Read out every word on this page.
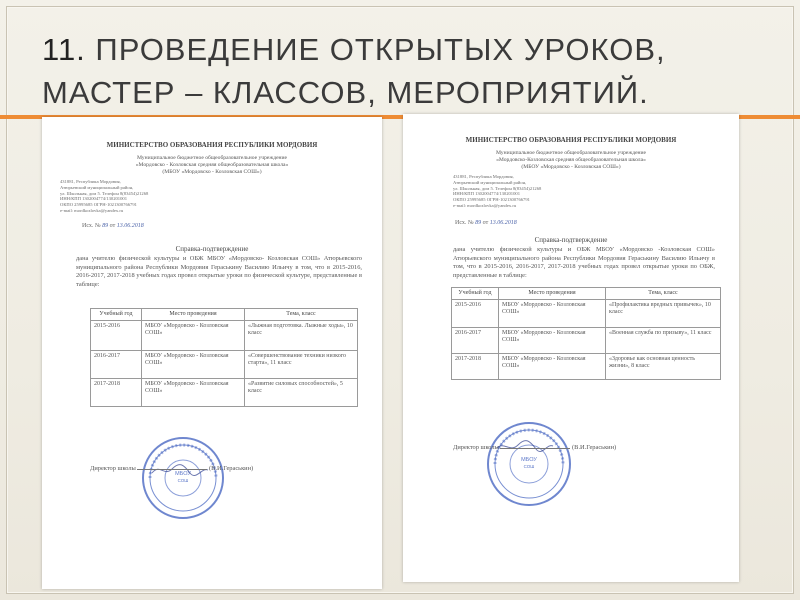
11. ПРОВЕДЕНИЕ ОТКРЫТЫХ УРОКОВ, МАСТЕР – КЛАССОВ, МЕРОПРИЯТИЙ.
МИНИСТЕРСТВО ОБРАЗОВАНИЯ РЕСПУБЛИКИ МОРДОВИЯ
Муниципальное бюджетное общеобразовательное учреждение
«Мордовско - Козловская средняя общеобразовательная школа»
(МБОУ «Мордовско - Козловская СОШ»)
431881, Республика Мордовия,
Атюрьевский муниципальный район,
ул. Школьная, дом 5. Телефон 8(83454)21268
ИНН/КПП 1302004774/130201001
ОКПО 25995685 ОГРН-1021300766791
e-mail: mordkozlovka@yandex.ru
Исх. № 89 от 13.06.2018
Справка-подтверждение
дана учителю физической культуры и ОБЖ МБОУ «Мордовско- Козловская СОШ» Атюрьевского муниципального района Республики Мордовия Гераськину Василию Ильичу в том, что в 2015-2016, 2016-2017, 2017-2018 учебных годах провел открытые уроки по физической культуре, представленные в таблице:
Учебный год	Место проведения	Тема, класс
2015-2016	МБОУ «Мордовско - Козловская СОШ»	«Лыжная подготовка. Лыжные ходы», 10 класс
2016-2017	МБОУ «Мордовско - Козловская СОШ»	«Совершенствование техники низкого старта», 11 класс
2017-2018	МБОУ «Мордовско - Козловская СОШ»	«Развитие силовых способностей», 5 класс
МБОУ
СОШ
Директор школы	(В.И.Гераськин)
МИНИСТЕРСТВО ОБРАЗОВАНИЯ РЕСПУБЛИКИ МОРДОВИЯ
Муниципальное бюджетное общеобразовательное учреждение
«Мордовско-Козловская средняя общеобразовательная школа»
(МБОУ «Мордовско - Козловская СОШ»)
431881, Республика Мордовия,
Атюрьевский муниципальный район,
ул. Школьная, дом 5. Телефон 8(83454)21268
ИНН/КПП 1302004774/130201001
ОКПО 25995685 ОГРН-1021300766791
e-mail: mordkozlovka@yandex.ru
Исх. № 89 от 13.06.2018
Справка-подтверждение
дана учителю физической культуры и ОБЖ МБОУ «Мордовско -Козловская СОШ» Атюрьевского муниципального района Республики Мордовия Гераськину Василию Ильичу в том, что в 2015-2016, 2016-2017, 2017-2018 учебных годах провел открытые уроки по ОБЖ, представленные в таблице:
Учебный год	Место проведения	Тема, класс
2015-2016	МБОУ «Мордовско - Козловская СОШ»	«Профилактика вредных привычек», 10 класс
2016-2017	МБОУ «Мордовско - Козловская СОШ»	«Военная служба по призыву», 11 класс
2017-2018	МБОУ «Мордовско - Козловская СОШ»	«Здоровье как основная ценность жизни», 8 класс
МБОУ
СОШ
Директор школы	(В.И.Гераськин)
